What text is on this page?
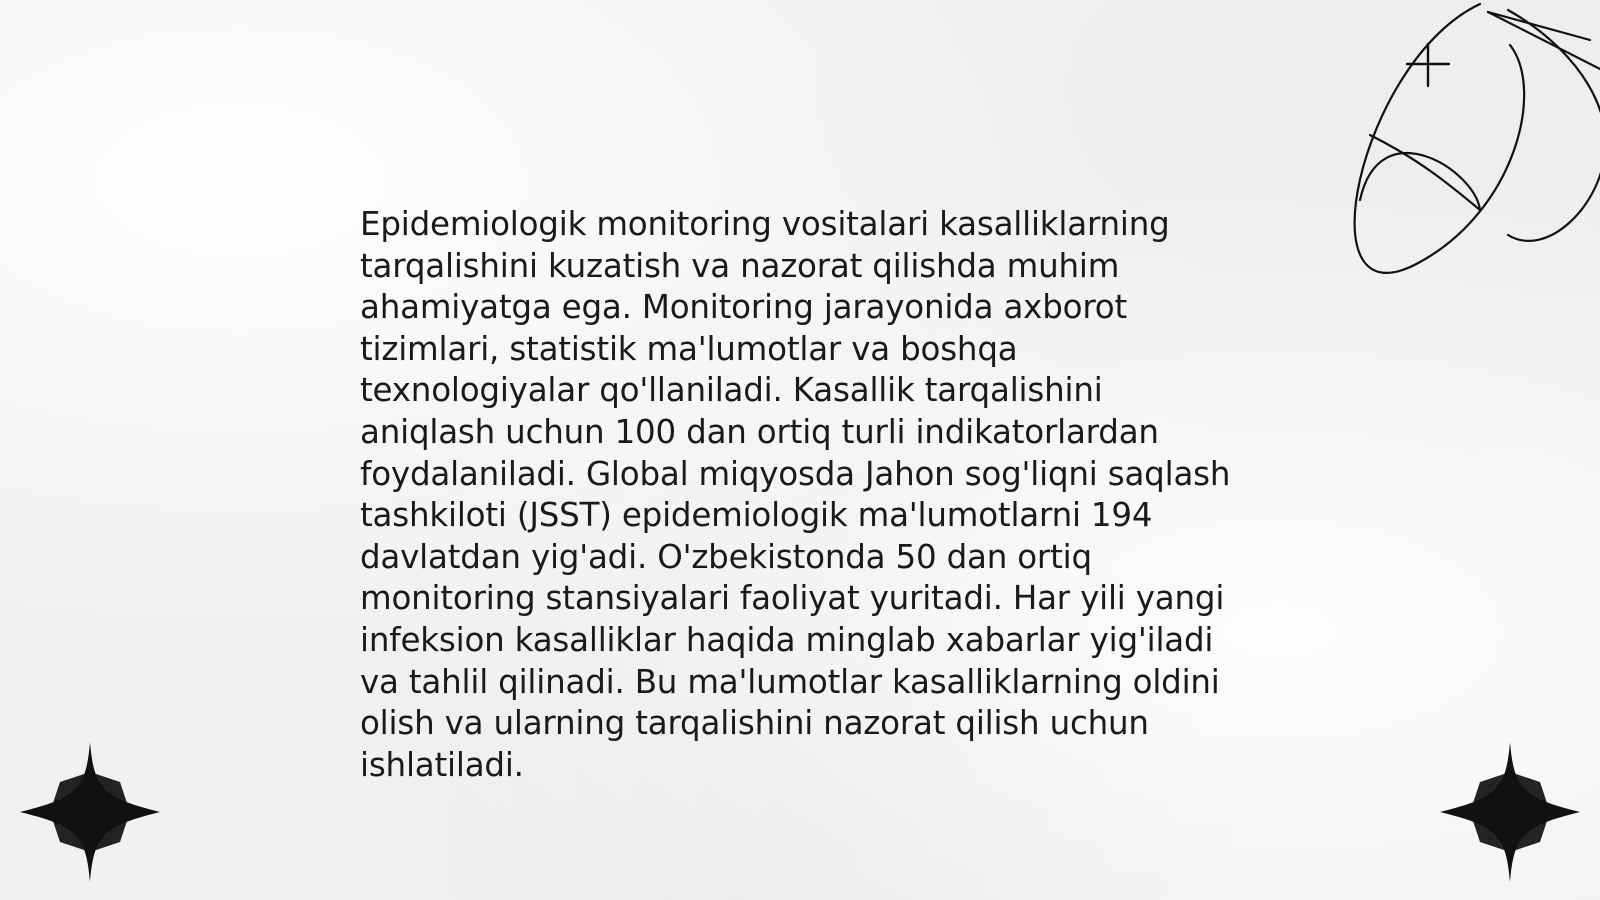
Epidemiologik monitoring vositalari kasalliklarning
tarqalishini kuzatish va nazorat qilishda muhim
ahamiyatga ega. Monitoring jarayonida axborot
tizimlari, statistik ma'lumotlar va boshqa
texnologiyalar qo'llaniladi. Kasallik tarqalishini
aniqlash uchun 100 dan ortiq turli indikatorlardan
foydalaniladi. Global miqyosda Jahon sog'liqni saqlash
tashkiloti (JSST) epidemiologik ma'lumotlarni 194
davlatdan yig'adi. O'zbekistonda 50 dan ortiq
monitoring stansiyalari faoliyat yuritadi. Har yili yangi
infeksion kasalliklar haqida minglab xabarlar yig'iladi
va tahlil qilinadi. Bu ma'lumotlar kasalliklarning oldini
olish va ularning tarqalishini nazorat qilish uchun
ishlatiladi.
